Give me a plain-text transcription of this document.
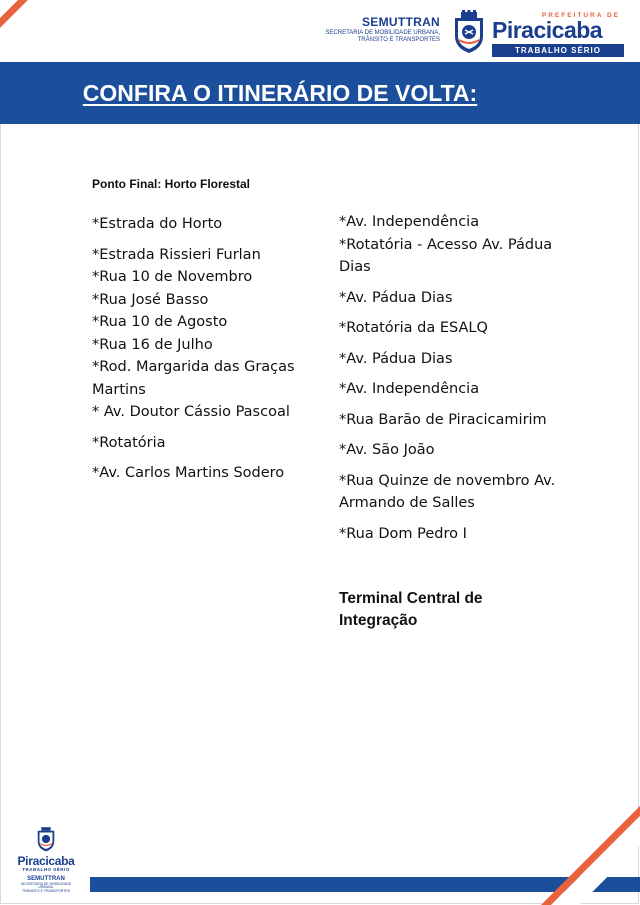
SEMUTTRAN
SECRETARIA DE MOBILIDADE URBANA,
TRÂNSITO E TRANSPORTES
PREFEITURA DE
Piracicaba
TRABALHO SÉRIO
CONFIRA O ITINERÁRIO DE VOLTA:
Ponto Final: Horto Florestal
*Estrada do Horto
*Estrada Rissieri Furlan
*Rua 10 de Novembro
*Rua José Basso
*Rua 10 de Agosto
*Rua 16 de Julho
*Rod. Margarida das Graças Martins
* Av. Doutor Cássio Pascoal
*Rotatória
*Av. Carlos Martins Sodero
*Av. Independência
*Rotatória - Acesso Av. Pádua Dias
*Av. Pádua Dias
*Rotatória da ESALQ
*Av. Pádua Dias
*Av. Independência
*Rua Barão de Piracicamirim
*Av. São João
*Rua Quinze de novembro Av. Armando de Salles
*Rua Dom Pedro I
Terminal Central de Integração
Piracicaba
TRABALHO SÉRIO
SEMUTTRAN
SECRETARIA DE MOBILIDADE URBANA,
TRÂNSITO E TRANSPORTES
